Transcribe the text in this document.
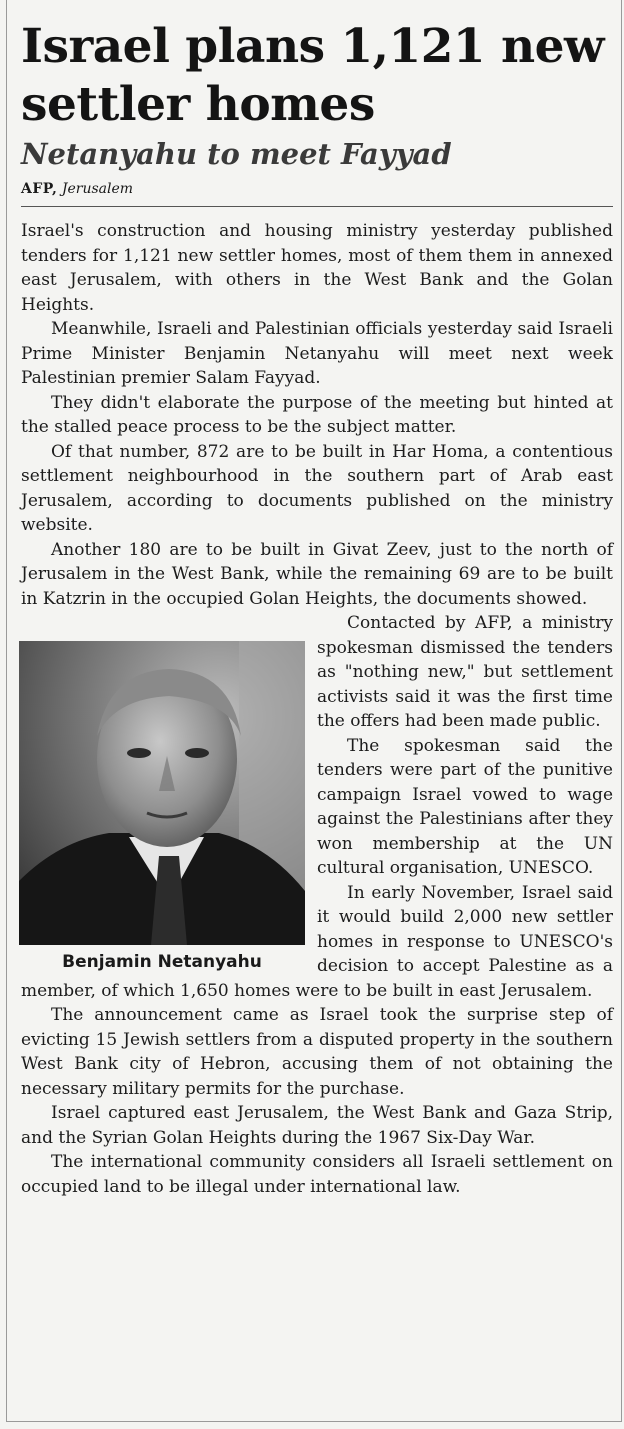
Israel plans 1,121 new settler homes
Netanyahu to meet Fayyad
AFP, Jerusalem

Israel's construction and housing ministry yesterday published tenders for 1,121 new settler homes, most of them them in annexed east Jerusalem, with others in the West Bank and the Golan Heights.

Meanwhile, Israeli and Palestinian officials yesterday said Israeli Prime Minister Benjamin Netanyahu will meet next week Palestinian premier Salam Fayyad.

They didn't elaborate the purpose of the meeting but hinted at the stalled peace process to be the subject matter.

Of that number, 872 are to be built in Har Homa, a contentious settlement neighbourhood in the southern part of Arab east Jerusalem, according to documents published on the ministry website.

Another 180 are to be built in Givat Zeev, just to the north of Jerusalem in the West Bank, while the remaining 69 are to be built in Katzrin in the occupied Golan Heights, the documents showed.

Benjamin Netanyahu

Contacted by AFP, a ministry spokesman dismissed the tenders as "nothing new," but settlement activists said it was the first time the offers had been made public.

The spokesman said the tenders were part of the punitive campaign Israel vowed to wage against the Palestinians after they won membership at the UN cultural organisation, UNESCO.

In early November, Israel said it would build 2,000 new settler homes in response to UNESCO's decision to accept Palestine as a member, of which 1,650 homes were to be built in east Jerusalem.

The announcement came as Israel took the surprise step of evicting 15 Jewish settlers from a disputed property in the southern West Bank city of Hebron, accusing them of not obtaining the necessary military permits for the purchase.

Israel captured east Jerusalem, the West Bank and Gaza Strip, and the Syrian Golan Heights during the 1967 Six-Day War.

The international community considers all Israeli settlement on occupied land to be illegal under international law.
